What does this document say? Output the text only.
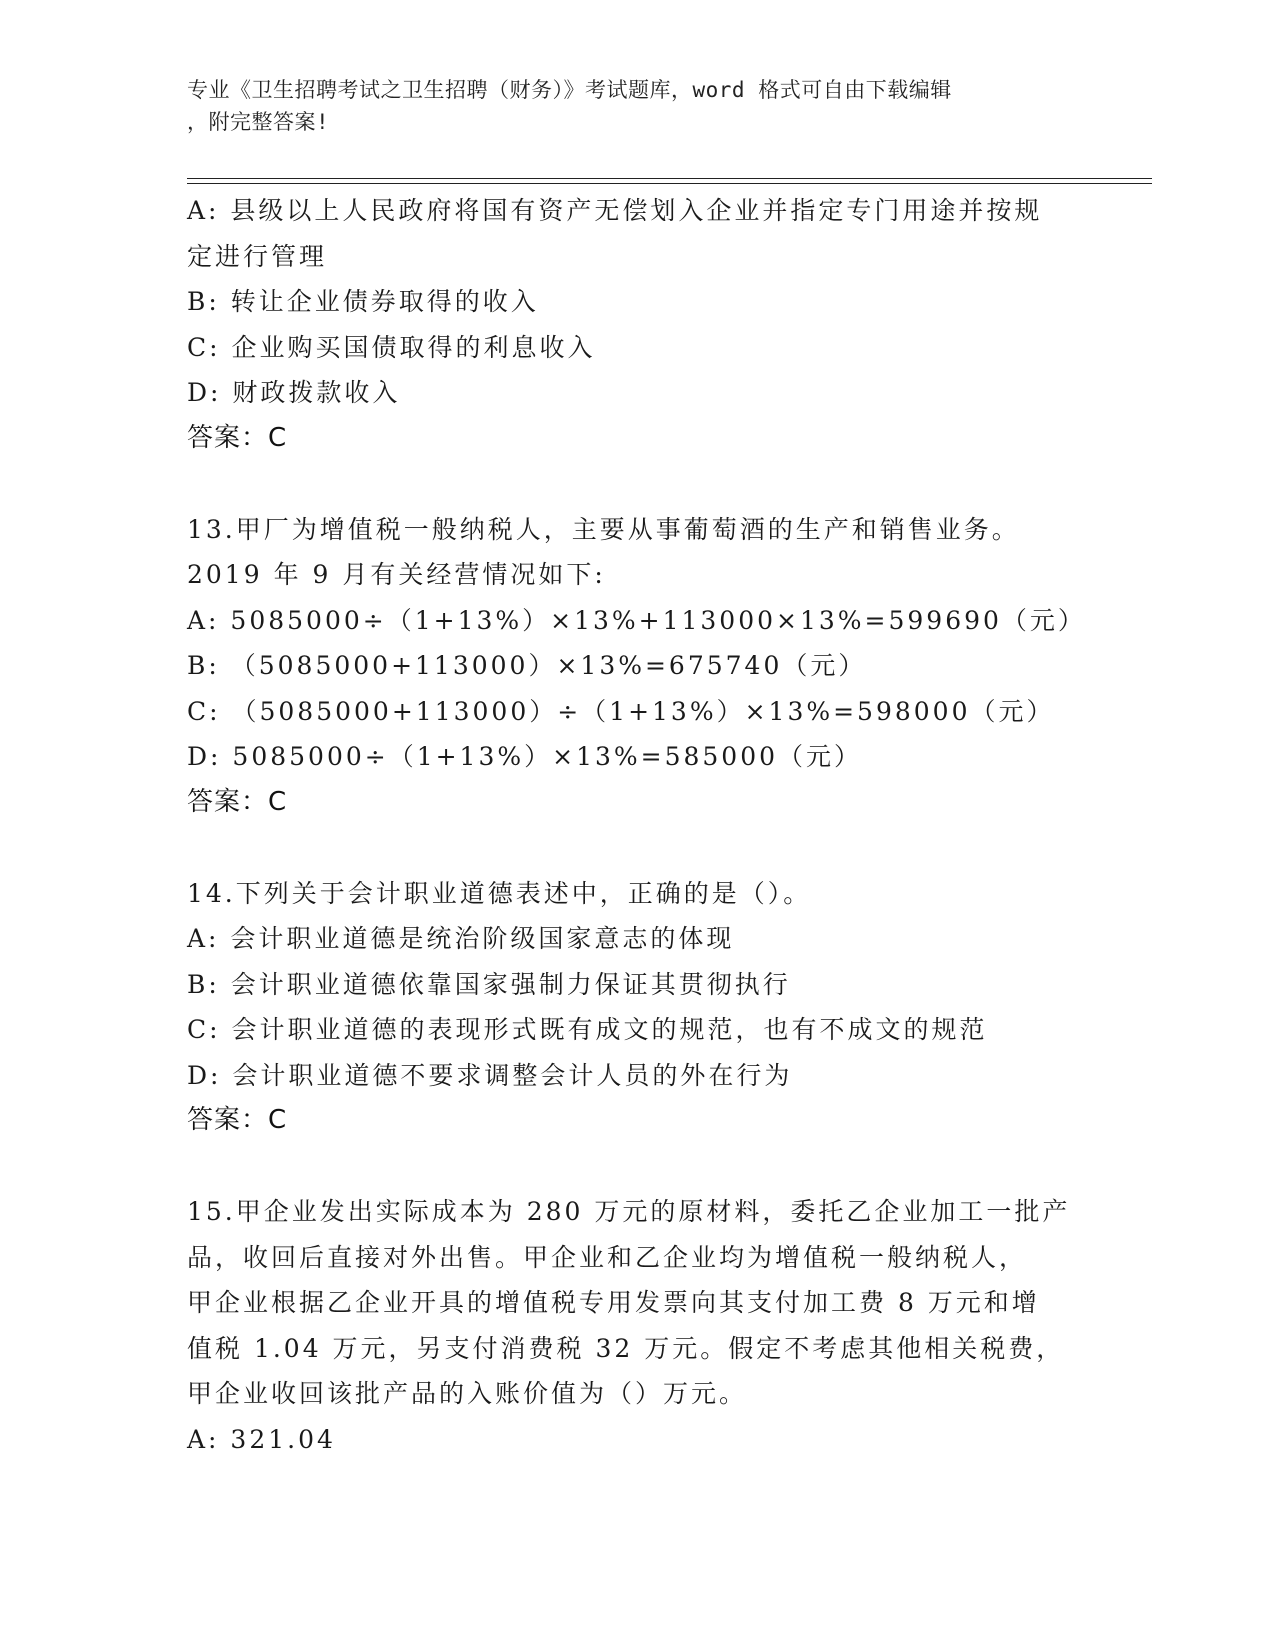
专业《卫生招聘考试之卫生招聘（财务）》考试题库，word 格式可自由下载编辑
，附完整答案!
A: 县级以上人民政府将国有资产无偿划入企业并指定专门用途并按规
定进行管理
B: 转让企业债券取得的收入
C: 企业购买国债取得的利息收入
D: 财政拨款收入
答案：C
13.甲厂为增值税一般纳税人，主要从事葡萄酒的生产和销售业务。
2019 年 9 月有关经营情况如下:
A: 5085000÷（1+13%）×13%+113000×13%=599690（元）
B: （5085000+113000）×13%=675740（元）
C: （5085000+113000）÷（1+13%）×13%=598000（元）
D: 5085000÷（1+13%）×13%=585000（元）
答案：C
14.下列关于会计职业道德表述中，正确的是（）。
A: 会计职业道德是统治阶级国家意志的体现
B: 会计职业道德依靠国家强制力保证其贯彻执行
C: 会计职业道德的表现形式既有成文的规范，也有不成文的规范
D: 会计职业道德不要求调整会计人员的外在行为
答案：C
15.甲企业发出实际成本为 280 万元的原材料，委托乙企业加工一批产
品，收回后直接对外出售。甲企业和乙企业均为增值税一般纳税人，
甲企业根据乙企业开具的增值税专用发票向其支付加工费 8 万元和增
值税 1.04 万元，另支付消费税 32 万元。假定不考虑其他相关税费，
甲企业收回该批产品的入账价值为（）万元。
A: 321.04
